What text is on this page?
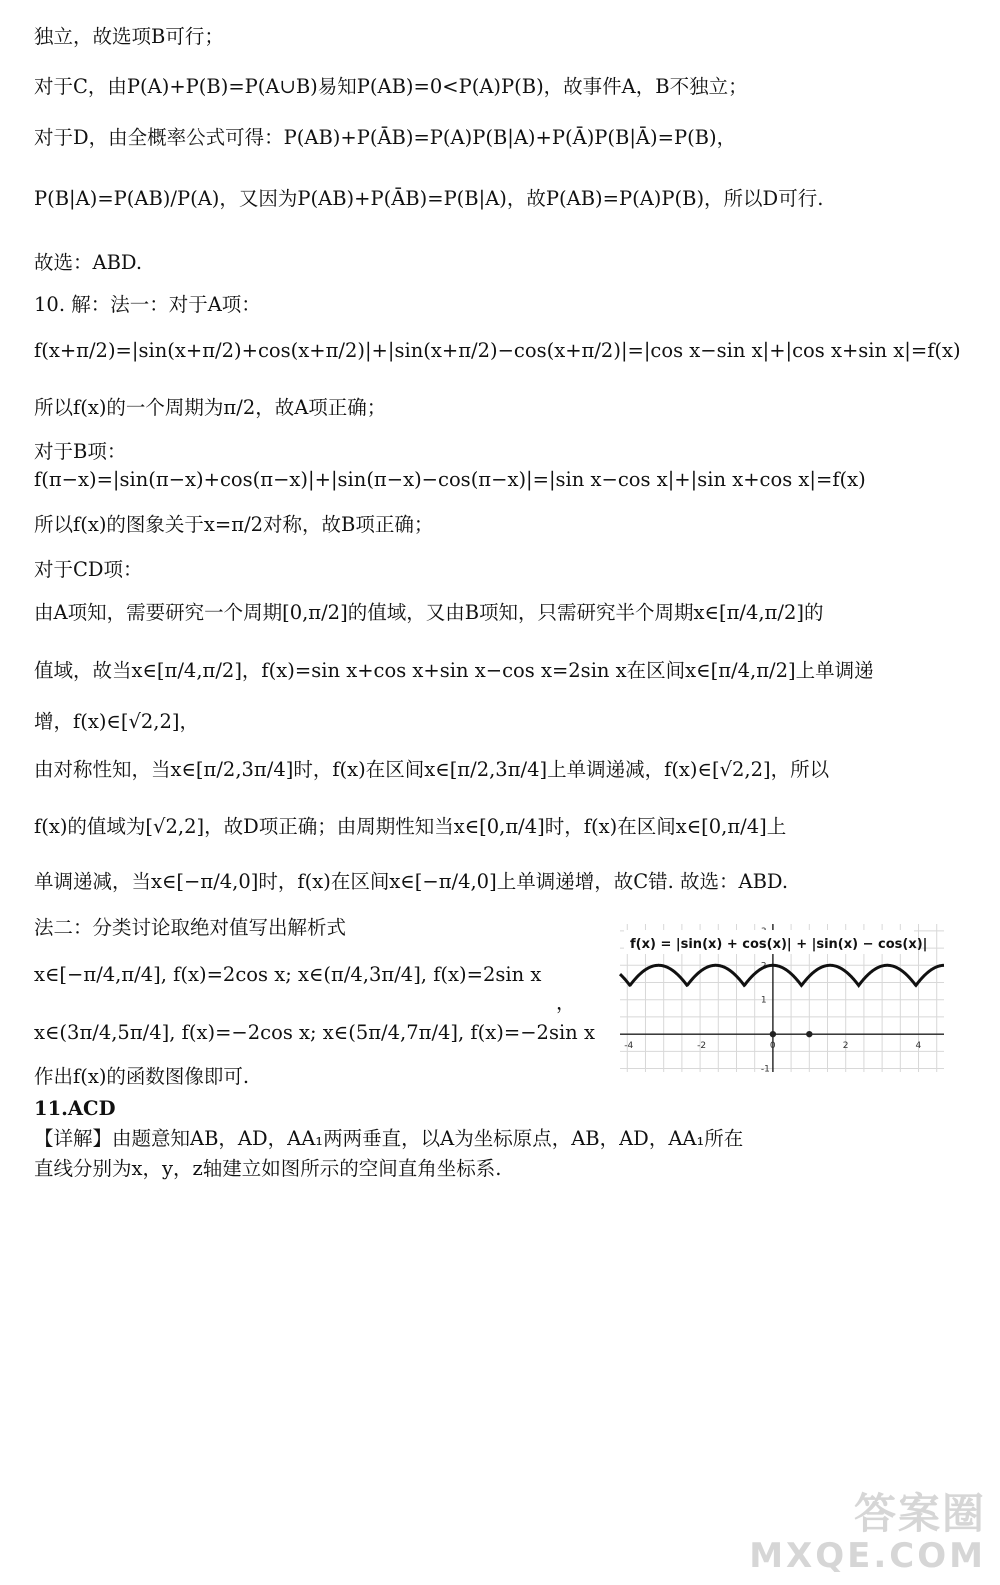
独立，故选项B可行；
对于C，由P(A)+P(B)=P(A∪B)易知P(AB)=0<P(A)P(B)，故事件A，B不独立；
对于D，由全概率公式可得：P(AB)+P(ĀB)=P(A)P(B|A)+P(Ā)P(B|Ā)=P(B)，
P(B|A)=P(AB)/P(A)，又因为P(AB)+P(ĀB)=P(B|A)，故P(AB)=P(A)P(B)，所以D可行.
故选：ABD.
10. 解：法一：对于A项：
f(x+π/2)=|sin(x+π/2)+cos(x+π/2)|+|sin(x+π/2)−cos(x+π/2)|=|cos x−sin x|+|cos x+sin x|=f(x)
所以f(x)的一个周期为π/2，故A项正确；
对于B项：
f(π−x)=|sin(π−x)+cos(π−x)|+|sin(π−x)−cos(π−x)|=|sin x−cos x|+|sin x+cos x|=f(x)
所以f(x)的图象关于x=π/2对称，故B项正确；
对于CD项：
由A项知，需要研究一个周期[0,π/2]的值域，又由B项知，只需研究半个周期x∈[π/4,π/2]的
值域，故当x∈[π/4,π/2]，f(x)=sin x+cos x+sin x−cos x=2sin x在区间x∈[π/4,π/2]上单调递
增，f(x)∈[√2,2]，
由对称性知，当x∈[π/2,3π/4]时，f(x)在区间x∈[π/2,3π/4]上单调递减，f(x)∈[√2,2]，所以
f(x)的值域为[√2,2]，故D项正确；由周期性知当x∈[0,π/4]时，f(x)在区间x∈[0,π/4]上
单调递减，当x∈[−π/4,0]时，f(x)在区间x∈[−π/4,0]上单调递增，故C错. 故选：ABD.
法二：分类讨论取绝对值写出解析式
x∈[−π/4,π/4], f(x)=2cos x; x∈(π/4,3π/4], f(x)=2sin x
，
x∈(3π/4,5π/4], f(x)=−2cos x; x∈(5π/4,7π/4], f(x)=−2sin x
作出f(x)的函数图像即可.
11.ACD
【详解】由题意知AB，AD，AA₁两两垂直，以A为坐标原点，AB，AD，AA₁所在
直线分别为x，y，z轴建立如图所示的空间直角坐标系.
-4	-2	0	2	4
2
1
-1
f(x) = |sin(x) + cos(x)| + |sin(x) − cos(x)|
答案圈
MXQE.COM
